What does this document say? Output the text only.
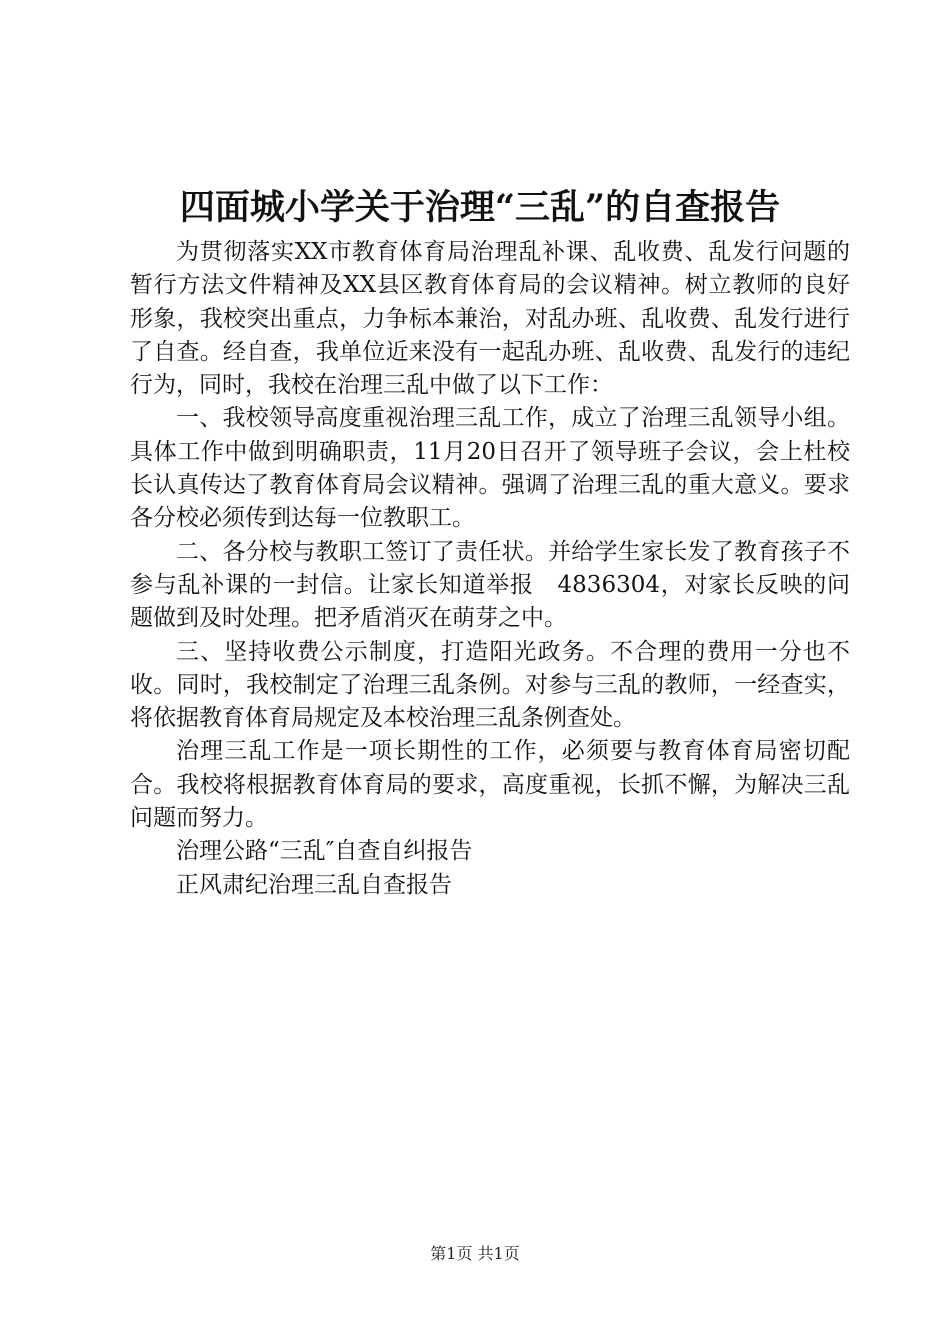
四面城小学关于治理“三乱”的自查报告

为贯彻落实XX市教育体育局治理乱补课、乱收费、乱发行问题的暂行方法文件精神及XX县区教育体育局的会议精神。树立教师的良好形象，我校突出重点，力争标本兼治，对乱办班、乱收费、乱发行进行了自查。经自查，我单位近来没有一起乱办班、乱收费、乱发行的违纪行为，同时，我校在治理三乱中做了以下工作：

一、我校领导高度重视治理三乱工作，成立了治理三乱领导小组。具体工作中做到明确职责，11月20日召开了领导班子会议，会上杜校长认真传达了教育体育局会议精神。强调了治理三乱的重大意义。要求各分校必须传到达每一位教职工。

二、各分校与教职工签订了责任状。并给学生家长发了教育孩子不参与乱补课的一封信。让家长知道举报　4836304，对家长反映的问题做到及时处理。把矛盾消灭在萌芽之中。

三、坚持收费公示制度，打造阳光政务。不合理的费用一分也不收。同时，我校制定了治理三乱条例。对参与三乱的教师，一经查实，将依据教育体育局规定及本校治理三乱条例查处。

治理三乱工作是一项长期性的工作，必须要与教育体育局密切配合。我校将根据教育体育局的要求，高度重视，长抓不懈，为解决三乱问题而努力。

治理公路“三乱″自查自纠报告

正风肃纪治理三乱自查报告

第1页 共1页
